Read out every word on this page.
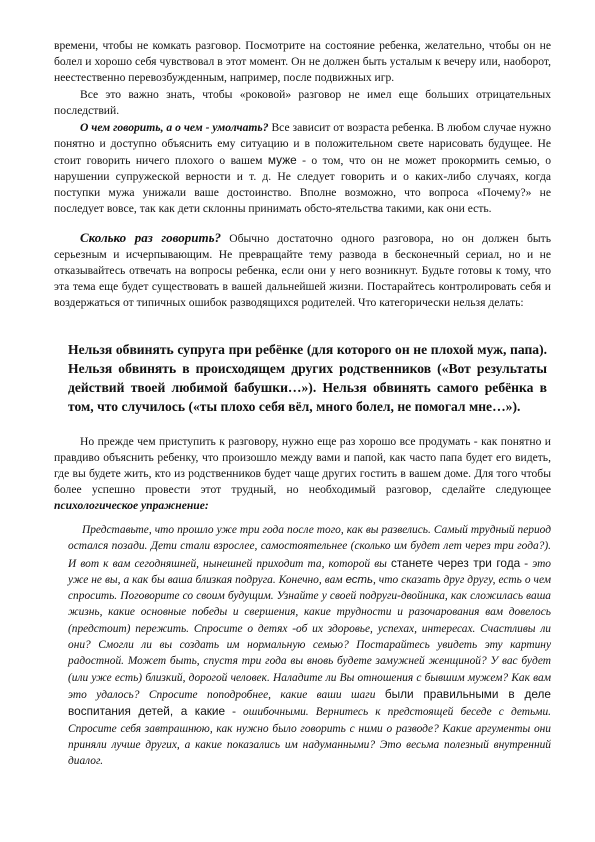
времени, чтобы не комкать разговор. Посмотрите на состояние ребенка, желательно, чтобы он не болел и хорошо себя чувствовал в этот момент. Он не должен быть усталым к вечеру или, наоборот, неестественно перевозбужденным, например, после подвижных игр.

Все это важно знать, чтобы «роковой» разговор не имел еще больших отрицательных последствий.

О чем говорить, а о чем - умолчать? Все зависит от возраста ребенка. В любом случае нужно понятно и доступно объяснить ему ситуацию и в положительном свете нарисовать будущее. Не стоит говорить ничего плохого о вашем муже - о том, что он не может прокормить семью, о нарушении супружеской верности и т. д. Не следует говорить и о каких-либо случаях, когда поступки мужа унижали ваше достоинство. Вполне возможно, что вопроса «Почему?» не последует вовсе, так как дети склонны принимать обсто-ятельства такими, как они есть.

Сколько раз говорить? Обычно достаточно одного разговора, но он должен быть серьезным и исчерпывающим. Не превращайте тему развода в бесконечный сериал, но и не отказывайтесь отвечать на вопросы ребенка, если они у него возникнут. Будьте готовы к тому, что эта тема еще будет существовать в вашей дальнейшей жизни. Постарайтесь контролировать себя и воздержаться от типичных ошибок разводящихся родителей. Что категорически нельзя делать:

Нельзя обвинять супруга при ребёнке (для которого он не плохой муж, папа). Нельзя обвинять в происходящем других родственников («Вот результаты действий твоей любимой бабушки…»). Нельзя обвинять самого ребёнка в том, что случилось («ты плохо себя вёл, много болел, не помогал мне…»).

Но прежде чем приступить к разговору, нужно еще раз хорошо все продумать - как понятно и правдиво объяснить ребенку, что произошло между вами и папой, как часто папа будет его видеть, где вы будете жить, кто из родственников будет чаще других гостить в вашем доме. Для того чтобы более успешно провести этот трудный, но необходимый разговор, сделайте следующее психологическое упражнение:

Представьте, что прошло уже три года после того, как вы развелись. Самый трудный период остался позади. Дети стали взрослее, самостоятельнее (сколько им будет лет через три года?). И вот к вам сегодняшней, нынешней приходит та, которой вы станете через три года - это уже не вы, а как бы ваша близкая подруга. Конечно, вам есть, что сказать друг другу, есть о чем спросить. Поговорите со своим будущим. Узнайте у своей подруги-двойника, как сложилась ваша жизнь, какие основные победы и свершения, какие трудности и разочарования вам довелось (предстоит) пережить. Спросите о детях -об их здоровье, успехах, интересах. Счастливы ли они? Смогли ли вы создать им нормальную семью? Постарайтесь увидеть эту картину радостной. Может быть, спустя три года вы вновь будете замужней женщиной? У вас будет (или уже есть) близкий, дорогой человек. Наладите ли Вы отношения с бывшим мужем? Как вам это удалось? Спросите поподробнее, какие ваши шаги были правильными в деле воспитания детей, а какие - ошибочными. Вернитесь к предстоящей беседе с детьми. Спросите себя завтрашнюю, как нужно было говорить с ними о разводе? Какие аргументы они приняли лучше других, а какие показались им надуманными? Это весьма полезный внутренний диалог.
